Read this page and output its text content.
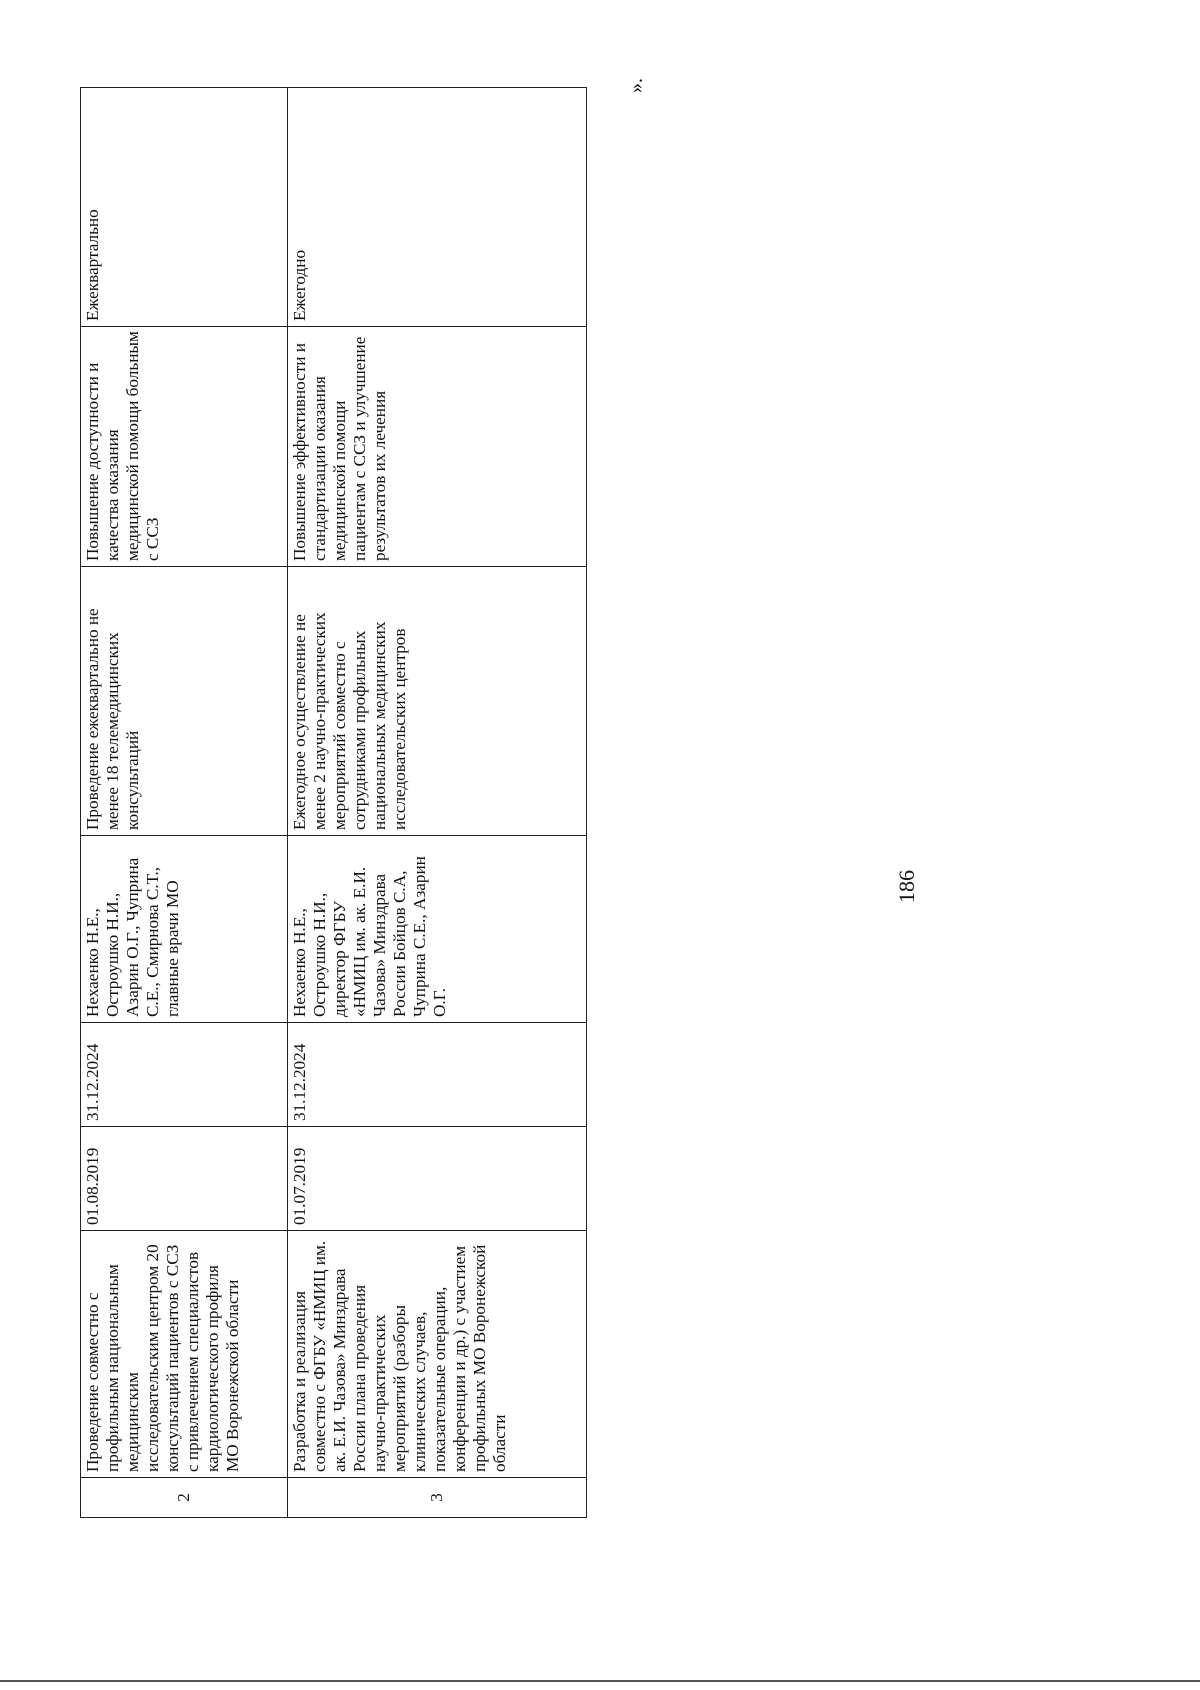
2	Проведение совместно с профильным национальным медицинским исследовательским центром 20 консультаций пациентов с ССЗ с привлечением специалистов кардиологического профиля МО Воронежской области	01.08.2019	31.12.2024	Нехаенко Н.Е., Остроушко Н.И., Азарин О.Г., Чуприна С.Е., Смирнова С.Т., главные врачи МО	Проведение ежеквартально не менее 18 телемедицинских консультаций	Повышение доступности и качества оказания медицинской помощи больным с ССЗ	Ежеквартально
3	Разработка и реализация совместно с ФГБУ «НМИЦ им. ак. Е.И. Чазова» Минздрава России плана проведения научно-практических мероприятий (разборы клинических случаев, показательные операции, конференции и др.) с участием профильных МО Воронежской области	01.07.2019	31.12.2024	Нехаенко Н.Е., Остроушко Н.И., директор ФГБУ «НМИЦ им. ак. Е.И. Чазова» Минздрава России Бойцов С.А, Чуприна С.Е., Азарин О.Г.	Ежегодное осуществление не менее 2 научно-практических мероприятий совместно с сотрудниками профильных национальных медицинских исследовательских центров	Повышение эффективности и стандартизации оказания медицинской помощи пациентам с ССЗ и улучшение результатов их лечения	Ежегодно
186
».
